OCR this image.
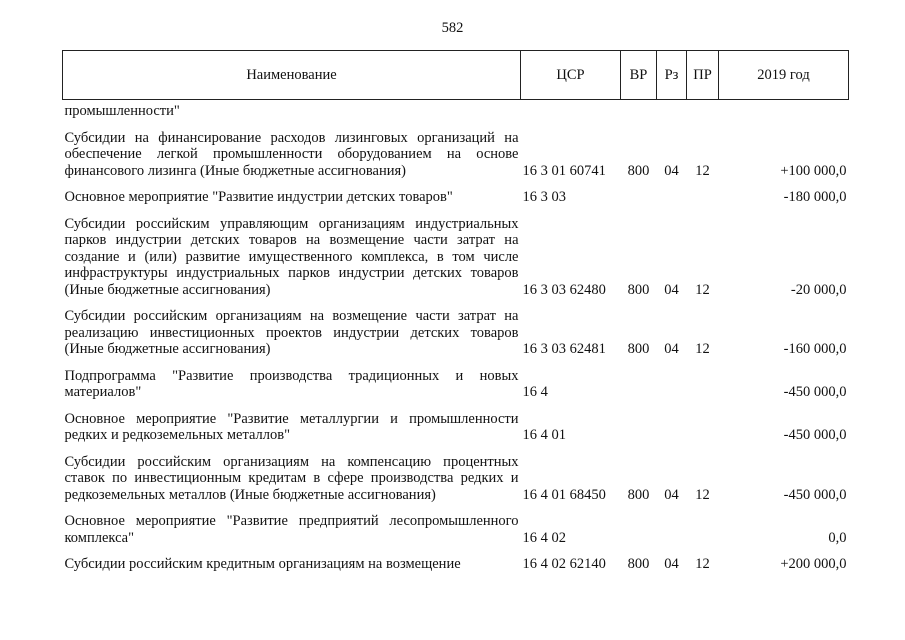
582
Наименование	ЦСР	ВР	Рз	ПР	2019 год
промышленности"					

Субсидии на финансирование расходов лизинговых организаций на обеспечение легкой промышленности оборудованием на основе финансового лизинга (Иные бюджетные ассигнования)	16 3 01 60741	800	04	12	+100 000,0

Основное мероприятие "Развитие индустрии детских товаров"	16 3 03				-180 000,0

Субсидии российским управляющим организациям индустриальных парков индустрии детских товаров на возмещение части затрат на создание и (или) развитие имущественного комплекса, в том числе инфраструктуры индустриальных парков индустрии детских товаров (Иные бюджетные ассигнования)	16 3 03 62480	800	04	12	-20 000,0

Субсидии российским организациям на возмещение части затрат на реализацию инвестиционных проектов индустрии детских товаров (Иные бюджетные ассигнования)	16 3 03 62481	800	04	12	-160 000,0

Подпрограмма "Развитие производства традиционных и новых материалов"	16 4				-450 000,0

Основное мероприятие "Развитие металлургии и промышленности редких и редкоземельных металлов"	16 4 01				-450 000,0

Субсидии российским организациям на компенсацию процентных ставок по инвестиционным кредитам в сфере производства редких и редкоземельных металлов (Иные бюджетные ассигнования)	16 4 01 68450	800	04	12	-450 000,0

Основное мероприятие "Развитие предприятий лесопромышленного комплекса"	16 4 02				0,0

Субсидии российским кредитным организациям на возмещение	16 4 02 62140	800	04	12	+200 000,0
